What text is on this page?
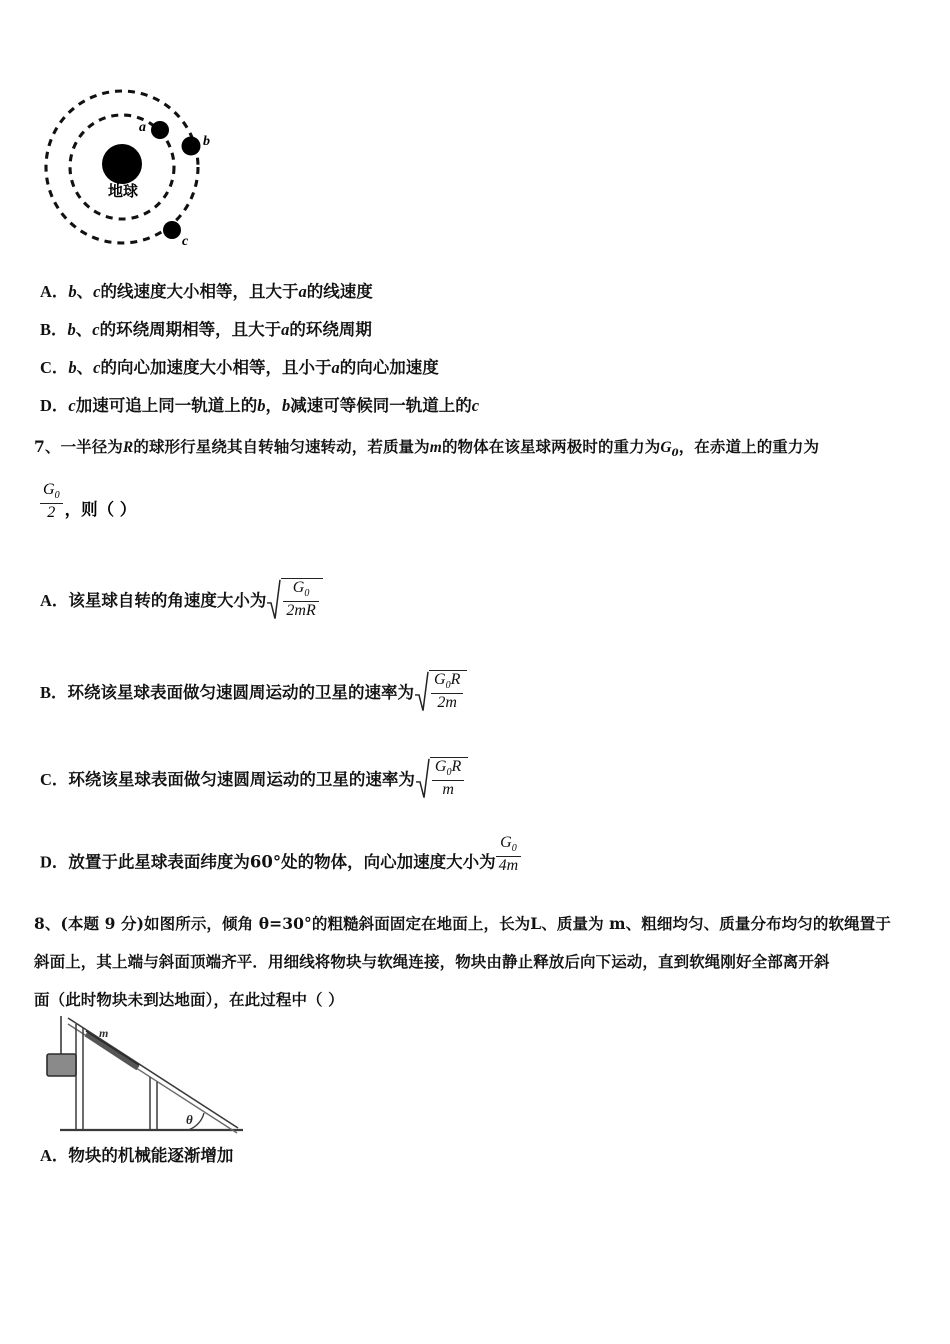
地球
a
b
c
A．b、c的线速度大小相等，且大于a的线速度
B．b、c的环绕周期相等，且大于a的环绕周期
C．b、c的向心加速度大小相等，且小于a的向心加速度
D．c加速可追上同一轨道上的b，b减速可等候同一轨道上的c
7、一半径为R的球形行星绕其自转轴匀速转动，若质量为m的物体在该星球两极时的重力为$G_0$，在赤道上的重力为
$\frac{G_0}{2}$ ，则（ ）
A．该星球自转的角速度大小为 $\frac{G_0}{2mR}$
B．环绕该星球表面做匀速圆周运动的卫星的速率为 $\frac{G_0R}{2m}$
C．环绕该星球表面做匀速圆周运动的卫星的速率为 $\frac{G_0R}{m}$
D．放置于此星球表面纬度为60°处的物体，向心加速度大小为 $\frac{G_0}{4m}$
8、(本题 9 分)如图所示，倾角 θ=30°的粗糙斜面固定在地面上，长为L、质量为 m、粗细均匀、质量分布均匀的软绳置于
斜面上，其上端与斜面顶端齐平．用细线将物块与软绳连接，物块由静止释放后向下运动，直到软绳刚好全部离开斜
面（此时物块未到达地面），在此过程中（ ）
m
θ
A．物块的机械能逐渐增加
